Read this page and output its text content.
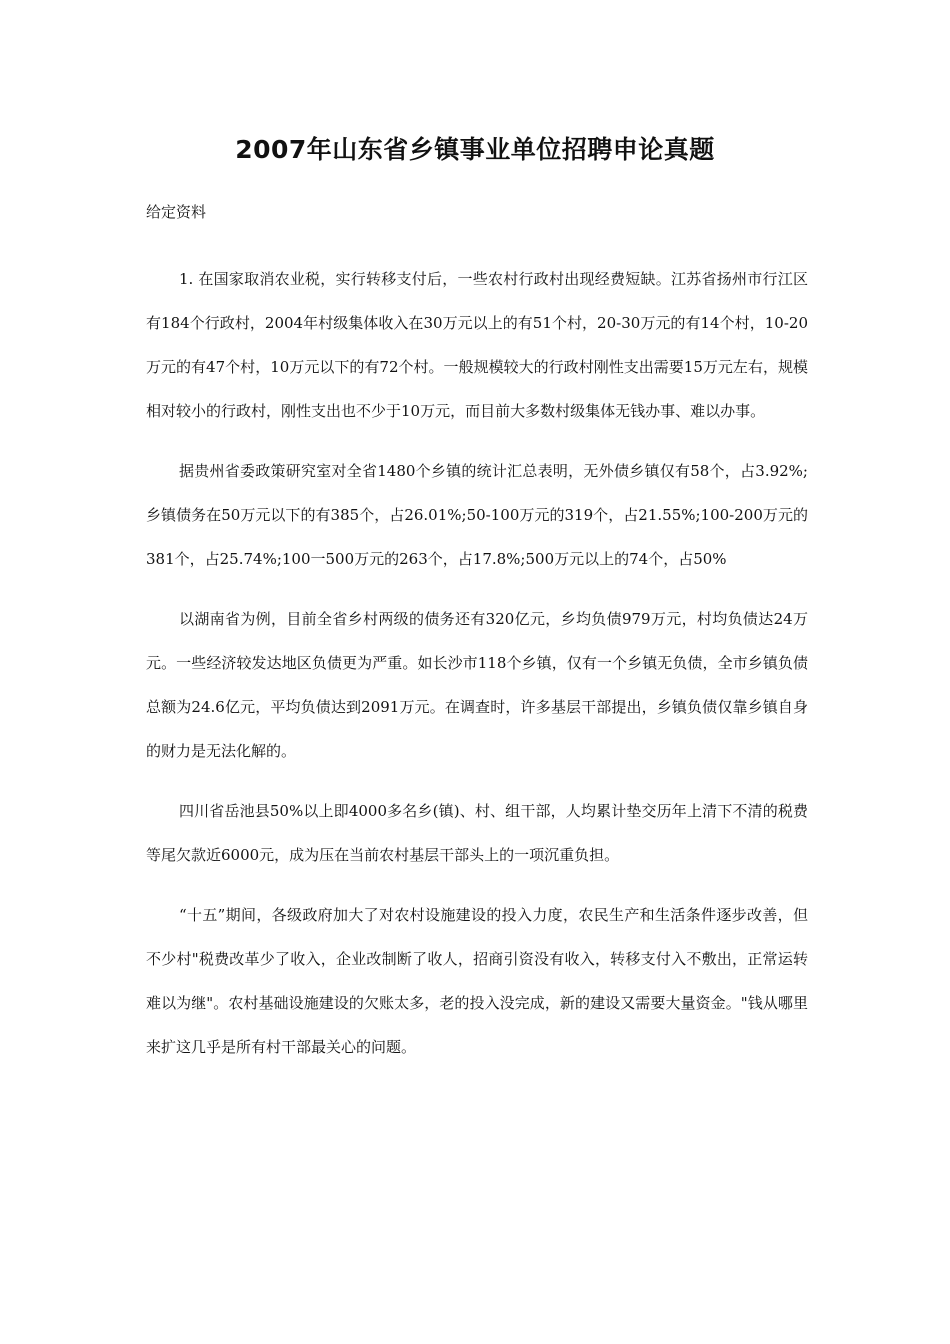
2007年山东省乡镇事业单位招聘申论真题

给定资料

1. 在国家取消农业税，实行转移支付后，一些农村行政村出现经费短缺。江苏省扬州市行江区有184个行政村，2004年村级集体收入在30万元以上的有51个村，20-30万元的有14个村，10-20万元的有47个村，10万元以下的有72个村。一般规模较大的行政村刚性支出需要15万元左右，规模相对较小的行政村，刚性支出也不少于10万元，而目前大多数村级集体无钱办事、难以办事。

据贵州省委政策研究室对全省1480个乡镇的统计汇总表明，无外债乡镇仅有58个，占3.92%;乡镇债务在50万元以下的有385个，占26.01%;50-100万元的319个，占21.55%;100-200万元的381个，占25.74%;100一500万元的263个，占17.8%;500万元以上的74个，占50%

以湖南省为例，目前全省乡村两级的债务还有320亿元，乡均负债979万元，村均负债达24万元。一些经济较发达地区负债更为严重。如长沙市118个乡镇，仅有一个乡镇无负债，全市乡镇负债总额为24.6亿元，平均负债达到2091万元。在调查时，许多基层干部提出，乡镇负债仅靠乡镇自身的财力是无法化解的。

四川省岳池县50%以上即4000多名乡(镇)、村、组干部，人均累计垫交历年上清下不清的税费等尾欠款近6000元，成为压在当前农村基层干部头上的一项沉重负担。

“十五”期间，各级政府加大了对农村设施建设的投入力度，农民生产和生活条件逐步改善，但不少村"税费改革少了收入，企业改制断了收人，招商引资没有收入，转移支付入不敷出，正常运转难以为继"。农村基础设施建设的欠账太多，老的投入没完成，新的建设又需要大量资金。"钱从哪里来扩这几乎是所有村干部最关心的问题。
